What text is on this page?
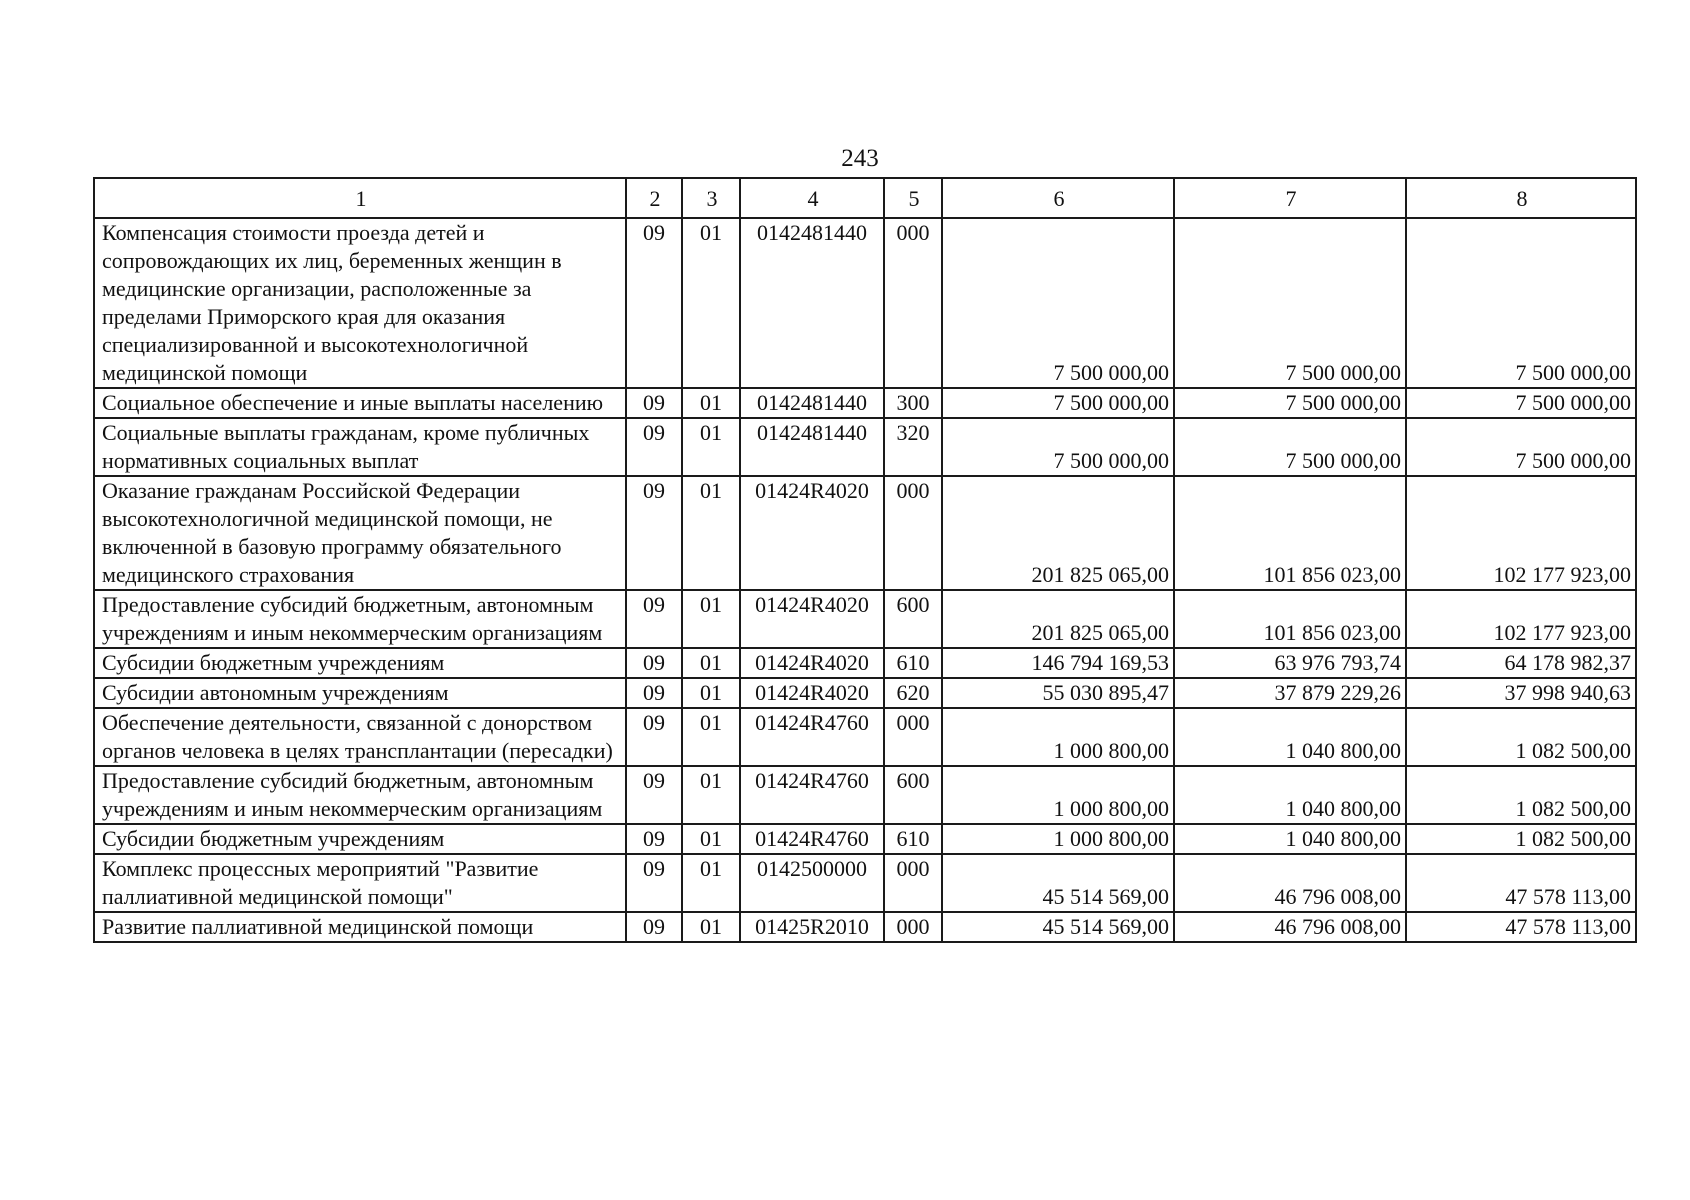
243
1	2	3	4	5	6	7	8
Компенсация стоимости проезда детей и сопровождающих их лиц, беременных женщин в медицинские организации, расположенные за пределами Приморского края для оказания специализированной и высокотехнологичной медицинской помощи	09	01	0142481440	000	7 500 000,00	7 500 000,00	7 500 000,00
Социальное обеспечение и иные выплаты населению	09	01	0142481440	300	7 500 000,00	7 500 000,00	7 500 000,00
Социальные выплаты гражданам, кроме публичных нормативных социальных выплат	09	01	0142481440	320	7 500 000,00	7 500 000,00	7 500 000,00
Оказание гражданам Российской Федерации высокотехнологичной медицинской помощи, не включенной в базовую программу обязательного медицинского страхования	09	01	01424R4020	000	201 825 065,00	101 856 023,00	102 177 923,00
Предоставление субсидий бюджетным, автономным учреждениям и иным некоммерческим организациям	09	01	01424R4020	600	201 825 065,00	101 856 023,00	102 177 923,00
Субсидии бюджетным учреждениям	09	01	01424R4020	610	146 794 169,53	63 976 793,74	64 178 982,37
Субсидии автономным учреждениям	09	01	01424R4020	620	55 030 895,47	37 879 229,26	37 998 940,63
Обеспечение деятельности, связанной с донорством органов человека в целях трансплантации (пересадки)	09	01	01424R4760	000	1 000 800,00	1 040 800,00	1 082 500,00
Предоставление субсидий бюджетным, автономным учреждениям и иным некоммерческим организациям	09	01	01424R4760	600	1 000 800,00	1 040 800,00	1 082 500,00
Субсидии бюджетным учреждениям	09	01	01424R4760	610	1 000 800,00	1 040 800,00	1 082 500,00
Комплекс процессных мероприятий "Развитие паллиативной медицинской помощи"	09	01	0142500000	000	45 514 569,00	46 796 008,00	47 578 113,00
Развитие паллиативной медицинской помощи	09	01	01425R2010	000	45 514 569,00	46 796 008,00	47 578 113,00
